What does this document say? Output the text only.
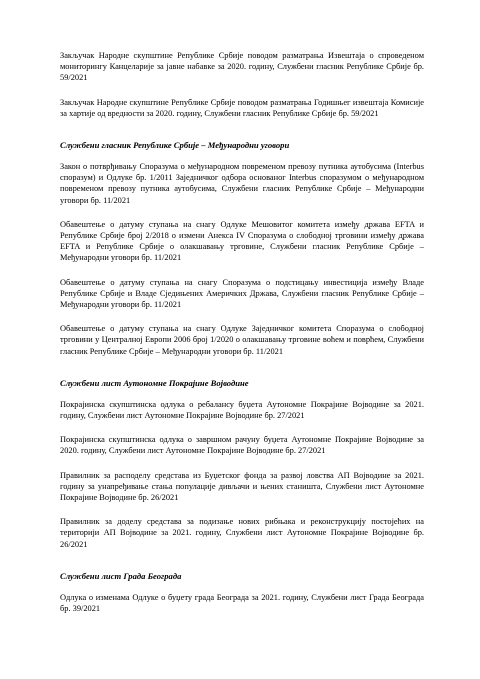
Закључак Народне скупштине Републике Србије поводом разматрања Извештаја о спроведеном мониторингу Канцеларије за јавне набавке за 2020. годину, Службени гласник Републике Србије бр. 59/2021

Закључак Народне скупштине Републике Србије поводом разматрања Годишњег извештаја Комисије за хартије од вредности за 2020. годину, Службени гласник Републике Србије бр. 59/2021

Службени гласник Републике Србије – Међународни уговори

Закон о потврђивању Споразума о међународном повременом превозу путника аутобусима (Interbus споразум) и Одлуке бр. 1/2011 Заједничког одбора основаног Interbus споразумом о међународном повременом превозу путника аутобусима, Службени гласник Републике Србије – Међународни уговори бр. 11/2021

Обавештење о датуму ступања на снагу Одлуке Мешовитог комитета између држава EFTA и Републике Србије број 2/2018 о измени Анекса IV Споразума о слободној трговини између држава EFTA и Републике Србије о олакшавању трговине, Службени гласник Републике Србије – Међународни уговори бр. 11/2021

Обавештење о датуму ступања на снагу Споразума о подстицању инвестиција између Владе Републике Србије и Владе Сједињених Америчких Држава, Службени гласник Републике Србије – Међународни уговори бр. 11/2021

Обавештење о датуму ступања на снагу Одлуке Заједничког комитета Споразума о слободној трговини у Централној Европи 2006 број 1/2020 о олакшавању трговине воћем и поврћем, Службени гласник Републике Србије – Међународни уговори бр. 11/2021

Службени лист Аутономне Покрајине Војводине

Покрајинска скупштинска одлука о ребалансу буџета Аутономне Покрајине Војводине за 2021. годину, Службени лист Аутономне Покрајине Војводине бр. 27/2021

Покрајинска скупштинска одлука о завршном рачуну буџета Аутономне Покрајине Војводине за 2020. годину, Службени лист Аутономне Покрајине Војводине бр. 27/2021

Правилник за расподелу средстава из Буџетског фонда за развој ловства АП Војводине за 2021. годину за унапређивање стања популације дивљачи и њених станишта, Службени лист Аутономне Покрајине Војводине бр. 26/2021

Правилник за доделу средстава за подизање нових рибњака и реконструкцију постојећих на територији АП Војводине за 2021. годину, Службени лист Аутономне Покрајине Војводине бр. 26/2021

Службени лист Града Београда

Одлука о изменама Одлуке о буџету града Београда за 2021. годину, Службени лист Града Београда бр. 39/2021
